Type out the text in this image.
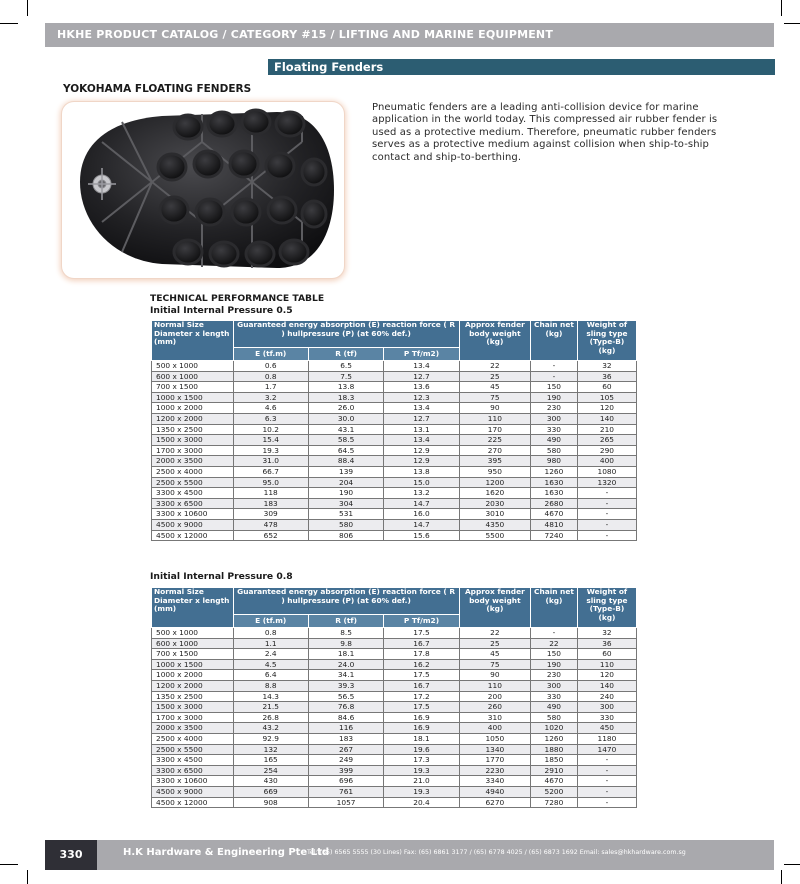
HKHE PRODUCT CATALOG / CATEGORY #15 / LIFTING AND MARINE EQUIPMENT
Floating Fenders
YOKOHAMA FLOATING FENDERS
Pneumatic fenders are a leading anti-collision device for marine application in the world today. This compressed air rubber fender is used as a protective medium. Therefore, pneumatic rubber fenders serves as a protective medium against collision when ship-to-ship contact and ship-to-berthing.
TECHNICAL PERFORMANCE TABLE
Initial Internal Pressure 0.5
Normal Size Diameter x length (mm)	Guaranteed energy absorption (E) reaction force ( R ) hullpressure (P) (at 60% def.)			Approx fender body weight (kg)	Chain net (kg)	Weight of sling type (Type-B) (kg)
	E (tf.m)	R (tf)	P Tf/m2)			
500 x 1000	0.6	6.5	13.4	22	-	32
600 x 1000	0.8	7.5	12.7	25	-	36
700 x 1500	1.7	13.8	13.6	45	150	60
1000 x 1500	3.2	18.3	12.3	75	190	105
1000 x 2000	4.6	26.0	13.4	90	230	120
1200 x 2000	6.3	30.0	12.7	110	300	140
1350 x 2500	10.2	43.1	13.1	170	330	210
1500 x 3000	15.4	58.5	13.4	225	490	265
1700 x 3000	19.3	64.5	12.9	270	580	290
2000 x 3500	31.0	88.4	12.9	395	980	400
2500 x 4000	66.7	139	13.8	950	1260	1080
2500 x 5500	95.0	204	15.0	1200	1630	1320
3300 x 4500	118	190	13.2	1620	1630	-
3300 x 6500	183	304	14.7	2030	2680	-
3300 x 10600	309	531	16.0	3010	4670	-
4500 x 9000	478	580	14.7	4350	4810	-
4500 x 12000	652	806	15.6	5500	7240	-
Initial Internal Pressure 0.8
Normal Size Diameter x length (mm)	Guaranteed energy absorption (E) reaction force ( R ) hullpressure (P) (at 60% def.)			Approx fender body weight (kg)	Chain net (kg)	Weight of sling type (Type-B) (kg)
	E (tf.m)	R (tf)	P Tf/m2)			
500 x 1000	0.8	8.5	17.5	22	-	32
600 x 1000	1.1	9.8	16.7	25	22	36
700 x 1500	2.4	18.1	17.8	45	150	60
1000 x 1500	4.5	24.0	16.2	75	190	110
1000 x 2000	6.4	34.1	17.5	90	230	120
1200 x 2000	8.8	39.3	16.7	110	300	140
1350 x 2500	14.3	56.5	17.2	200	330	240
1500 x 3000	21.5	76.8	17.5	260	490	300
1700 x 3000	26.8	84.6	16.9	310	580	330
2000 x 3500	43.2	116	16.9	400	1020	450
2500 x 4000	92.9	183	18.1	1050	1260	1180
2500 x 5500	132	267	19.6	1340	1880	1470
3300 x 4500	165	249	17.3	1770	1850	-
3300 x 6500	254	399	19.3	2230	2910	-
3300 x 10600	430	696	21.0	3340	4670	-
4500 x 9000	669	761	19.3	4940	5200	-
4500 x 12000	908	1057	20.4	6270	7280	-
330	H.K Hardware & Engineering Pte Ltd
Tel: (65) 6565 5555 (30 Lines) Fax: (65) 6861 3177 / (65) 6778 4025 / (65) 6873 1692 Email: sales@hkhardware.com.sg
